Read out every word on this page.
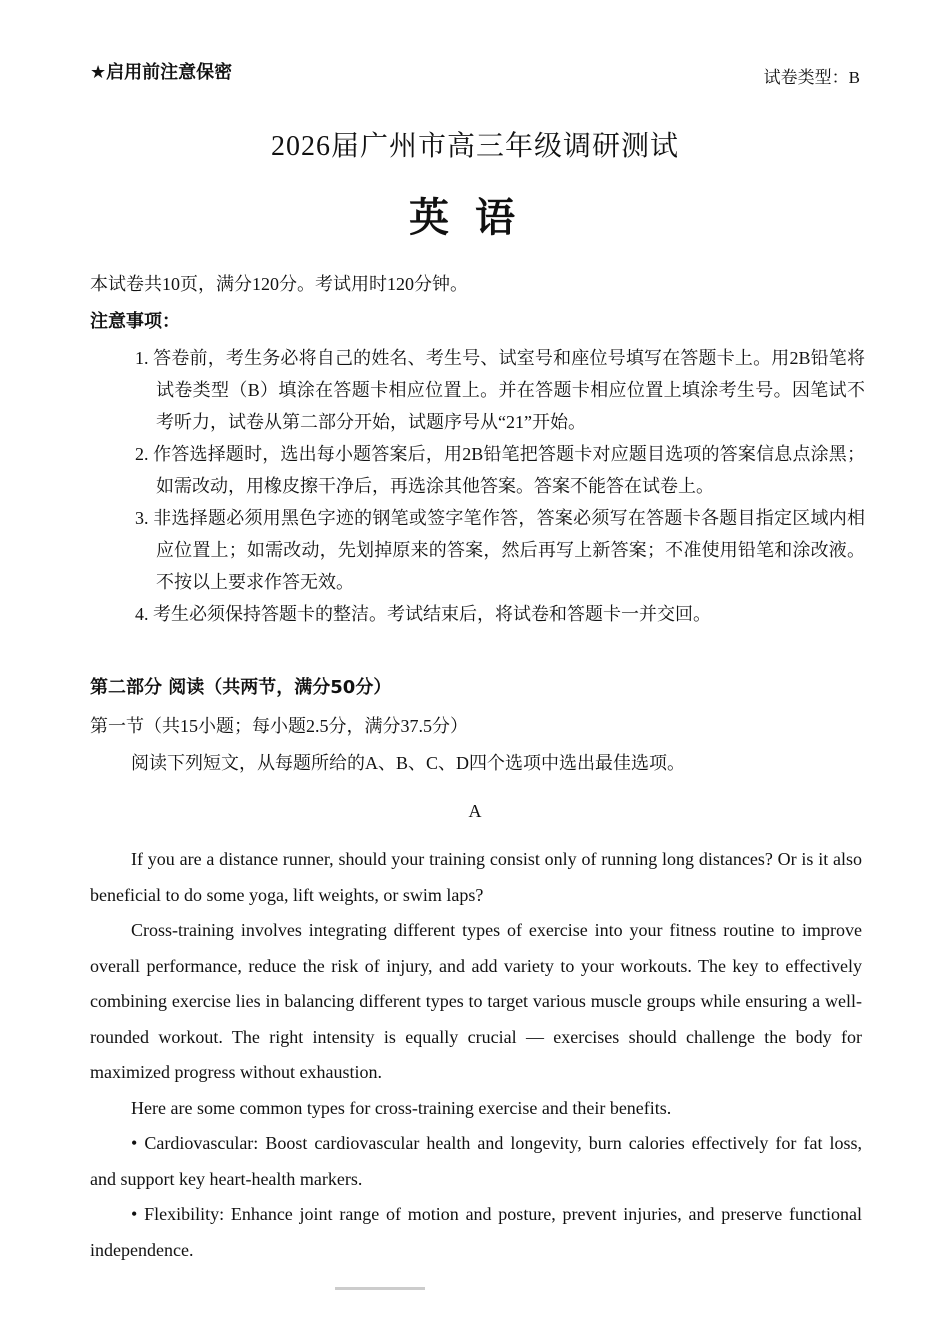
★启用前注意保密	试卷类型：B
2026届广州市高三年级调研测试
英语
本试卷共10页，满分120分。考试用时120分钟。
注意事项：
1. 答卷前，考生务必将自己的姓名、考生号、试室号和座位号填写在答题卡上。用2B铅笔将试卷类型（B）填涂在答题卡相应位置上。并在答题卡相应位置上填涂考生号。因笔试不考听力，试卷从第二部分开始，试题序号从“21”开始。
2. 作答选择题时，选出每小题答案后，用2B铅笔把答题卡对应题目选项的答案信息点涂黑；如需改动，用橡皮擦干净后，再选涂其他答案。答案不能答在试卷上。
3. 非选择题必须用黑色字迹的钢笔或签字笔作答，答案必须写在答题卡各题目指定区域内相应位置上；如需改动，先划掉原来的答案，然后再写上新答案；不准使用铅笔和涂改液。不按以上要求作答无效。
4. 考生必须保持答题卡的整洁。考试结束后，将试卷和答题卡一并交回。
第二部分 阅读（共两节，满分50分）
第一节（共15小题；每小题2.5分，满分37.5分）
阅读下列短文，从每题所给的A、B、C、D四个选项中选出最佳选项。
A

If you are a distance runner, should your training consist only of running long distances? Or is it also beneficial to do some yoga, lift weights, or swim laps?

Cross-training involves integrating different types of exercise into your fitness routine to improve overall performance, reduce the risk of injury, and add variety to your workouts. The key to effectively combining exercise lies in balancing different types to target various muscle groups while ensuring a well-rounded workout. The right intensity is equally crucial — exercises should challenge the body for maximized progress without exhaustion.

Here are some common types for cross-training exercise and their benefits.

• Cardiovascular: Boost cardiovascular health and longevity, burn calories effectively for fat loss, and support key heart-health markers.

• Flexibility: Enhance joint range of motion and posture, prevent injuries, and preserve functional independence.
